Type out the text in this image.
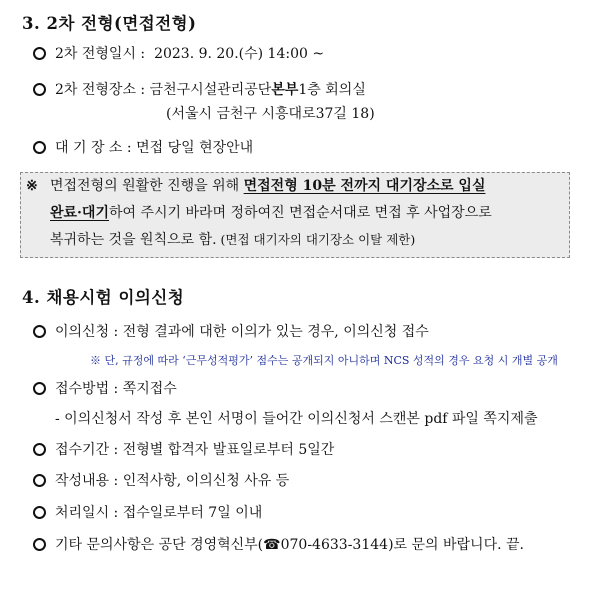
3. 2차 전형(면접전형)
2차 전형일시 :
2023. 9. 20.(수) 14:00 ~
2차 전형장소 :
금천구시설관리공단 본부 1층 회의실
(서울시 금천구 시흥대로37길 18)
대 기 장 소 :
면접 당일 현장안내
※ 면접전형의 원활한 진행을 위해 면접전형 10분 전까지 대기장소로 입실
완료·대기하여 주시기 바라며 정하여진 면접순서대로 면접 후 사업장으로
복귀하는 것을 원칙으로 함. (면접 대기자의 대기장소 이탈 제한)
4. 채용시험 이의신청
이의신청 : 전형 결과에 대한 이의가 있는 경우, 이의신청 접수
※ 단, 규정에 따라 ‘근무성적평가’ 점수는 공개되지 아니하며 NCS 성적의 경우 요청 시 개별 공개
접수방법 : 쪽지접수
- 이의신청서 작성 후 본인 서명이 들어간 이의신청서 스캔본 pdf 파일 쪽지제출
접수기간 : 전형별 합격자 발표일로부터 5일간
작성내용 : 인적사항, 이의신청 사유 등
처리일시 : 접수일로부터 7일 이내
기타 문의사항은 공단 경영혁신부( ☎ 070-4633-3144 )로 문의 바랍니다. 끝.
